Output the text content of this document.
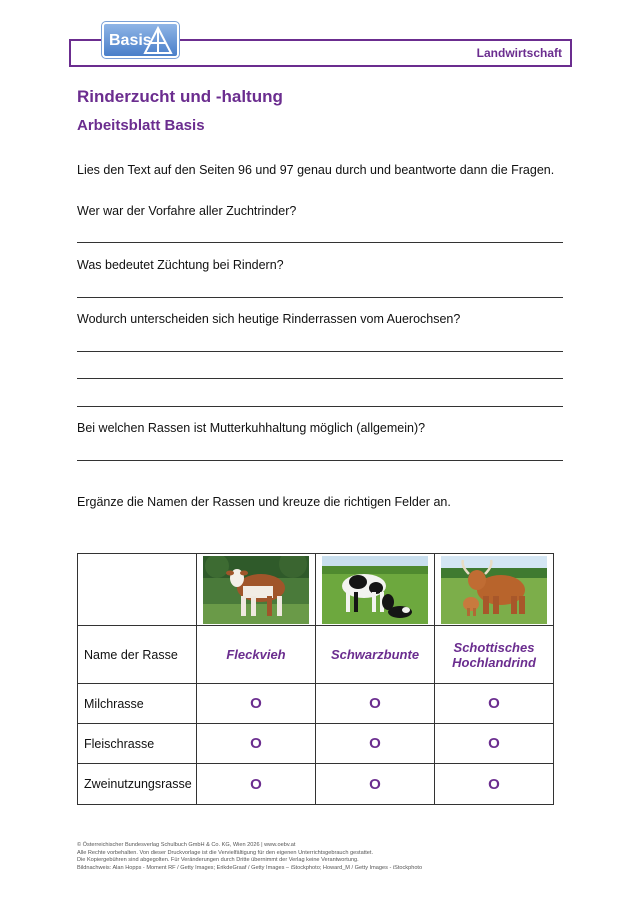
Landwirtschaft
Basis
Rinderzucht und -haltung
Arbeitsblatt Basis

Lies den Text auf den Seiten 96 und 97 genau durch und beantworte dann die Fragen.

Wer war der Vorfahre aller Zuchtrinder?

Was bedeutet Züchtung bei Rindern?

Wodurch unterscheiden sich heutige Rinderrassen vom Auerochsen?

Bei welchen Rassen ist Mutterkuhhaltung möglich (allgemein)?

Ergänze die Namen der Rassen und kreuze die richtigen Felder an.

Name der Rasse	Fleckvieh	Schwarzbunte	Schottisches Hochlandrind
Milchrasse	O	O	O
Fleischrasse	O	O	O
Zweinutzungsrasse	O	O	O
© Österreichischer Bundesverlag Schulbuch GmbH & Co. KG, Wien 2026 | www.oebv.at
Alle Rechte vorbehalten. Von dieser Druckvorlage ist die Vervielfältigung für den eigenen Unterrichtsgebrauch gestattet.
Die Kopiergebühren sind abgegolten. Für Veränderungen durch Dritte übernimmt der Verlag keine Verantwortung.
Bildnachweis: Alan Hopps - Moment RF / Getty Images; ErikdeGraaf / Getty Images – iStockphoto; Howard_M / Getty Images - iStockphoto
